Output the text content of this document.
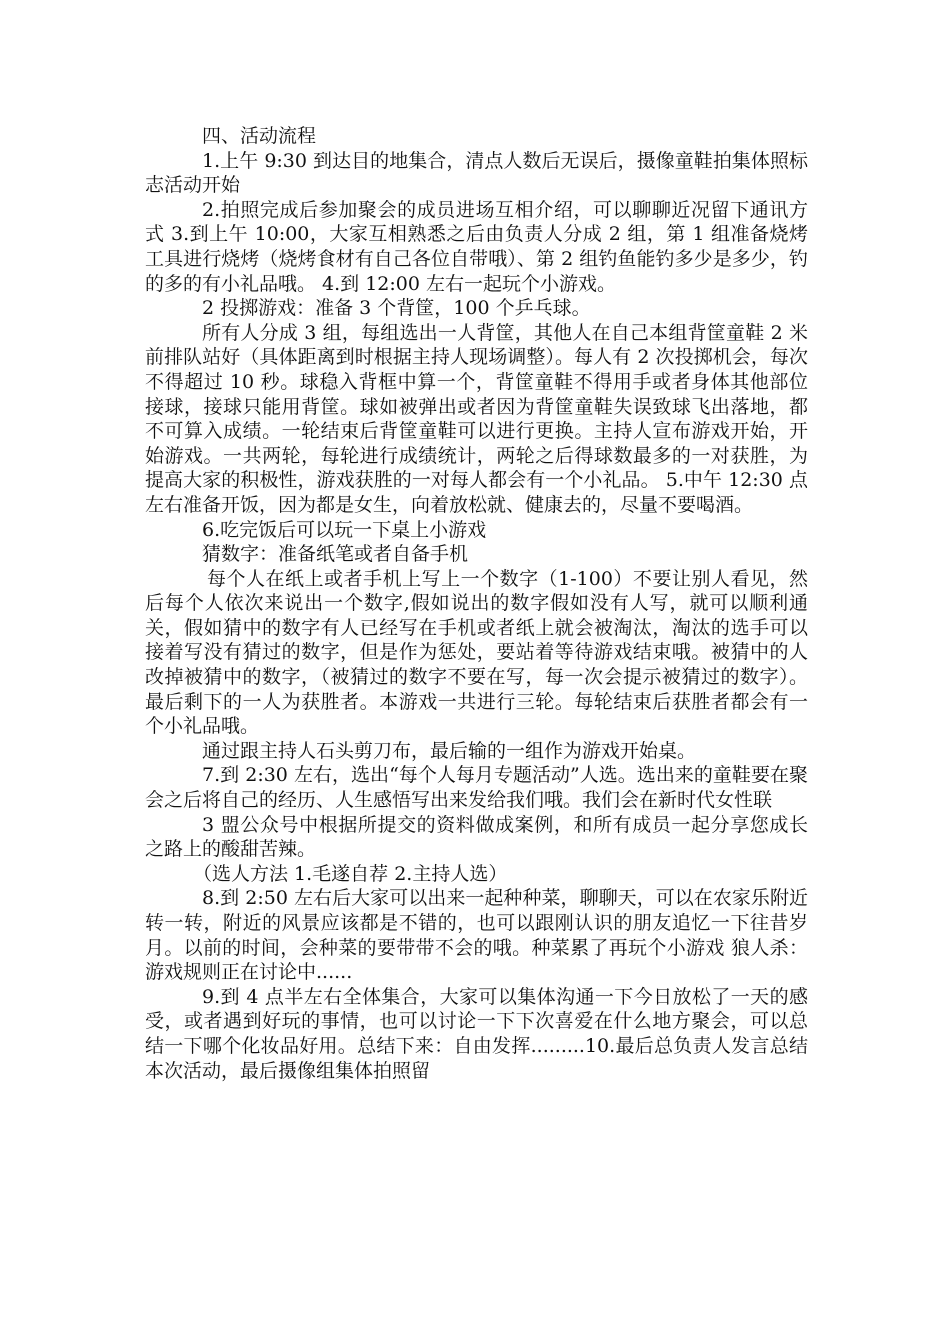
四、活动流程

1.上午 9:30 到达目的地集合，清点人数后无误后，摄像童鞋拍集体照标志活动开始

2.拍照完成后参加聚会的成员进场互相介绍，可以聊聊近况留下通讯方式 3.到上午 10:00，大家互相熟悉之后由负责人分成 2 组，第 1 组准备烧烤工具进行烧烤（烧烤食材有自己各位自带哦）、第 2 组钓鱼能钓多少是多少，钓的多的有小礼品哦。 4.到 12:00 左右一起玩个小游戏。

2 投掷游戏：准备 3 个背筐，100 个乒乓球。

所有人分成 3 组，每组选出一人背筐，其他人在自己本组背筐童鞋 2 米前排队站好（具体距离到时根据主持人现场调整）。每人有 2 次投掷机会，每次不得超过 10 秒。球稳入背框中算一个，背筐童鞋不得用手或者身体其他部位接球，接球只能用背筐。球如被弹出或者因为背筐童鞋失误致球飞出落地，都不可算入成绩。一轮结束后背筐童鞋可以进行更换。主持人宣布游戏开始，开始游戏。一共两轮，每轮进行成绩统计，两轮之后得球数最多的一对获胜，为提高大家的积极性，游戏获胜的一对每人都会有一个小礼品。 5.中午 12:30 点左右准备开饭，因为都是女生，向着放松就、健康去的，尽量不要喝酒。

6.吃完饭后可以玩一下桌上小游戏

猜数字：准备纸笔或者自备手机

每个人在纸上或者手机上写上一个数字（1-100）不要让别人看见，然后每个人依次来说出一个数字,假如说出的数字假如没有人写，就可以顺利通关，假如猜中的数字有人已经写在手机或者纸上就会被淘汰，淘汰的选手可以接着写没有猜过的数字，但是作为惩处，要站着等待游戏结束哦。被猜中的人改掉被猜中的数字，（被猜过的数字不要在写，每一次会提示被猜过的数字）。最后剩下的一人为获胜者。本游戏一共进行三轮。每轮结束后获胜者都会有一个小礼品哦。

通过跟主持人石头剪刀布，最后输的一组作为游戏开始桌。

7.到 2:30 左右，选出“每个人每月专题活动”人选。选出来的童鞋要在聚会之后将自己的经历、人生感悟写出来发给我们哦。我们会在新时代女性联

3 盟公众号中根据所提交的资料做成案例，和所有成员一起分享您成长之路上的酸甜苦辣。

（选人方法 1.毛遂自荐 2.主持人选）

8.到 2:50 左右后大家可以出来一起种种菜，聊聊天，可以在农家乐附近转一转，附近的风景应该都是不错的，也可以跟刚认识的朋友追忆一下往昔岁月。以前的时间，会种菜的要带带不会的哦。种菜累了再玩个小游戏 狼人杀：游戏规则正在讨论中......

9.到 4 点半左右全体集合，大家可以集体沟通一下今日放松了一天的感受，或者遇到好玩的事情，也可以讨论一下下次喜爱在什么地方聚会，可以总结一下哪个化妆品好用。总结下来：自由发挥.........10.最后总负责人发言总结本次活动，最后摄像组集体拍照留
